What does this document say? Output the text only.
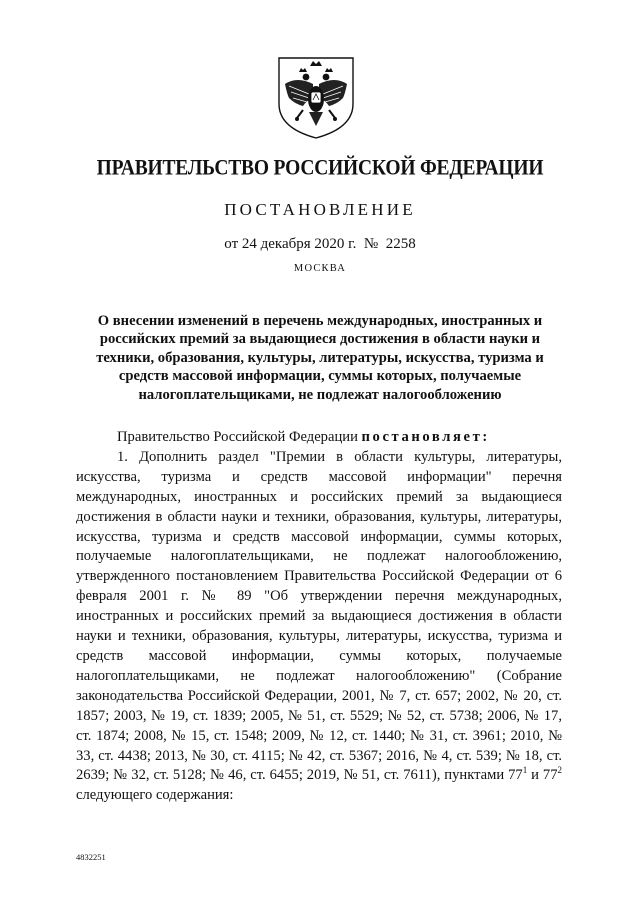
ПРАВИТЕЛЬСТВО РОССИЙСКОЙ ФЕДЕРАЦИИ
ПОСТАНОВЛЕНИЕ
от 24 декабря 2020 г. № 2258
МОСКВА
О внесении изменений в перечень международных, иностранных и российских премий за выдающиеся достижения в области науки и техники, образования, культуры, литературы, искусства, туризма и средств массовой информации, суммы которых, получаемые налогоплательщиками, не подлежат налогообложению

Правительство Российской Федерации постановляет:

1. Дополнить раздел "Премии в области культуры, литературы, искусства, туризма и средств массовой информации" перечня международных, иностранных и российских премий за выдающиеся достижения в области науки и техники, образования, культуры, литературы, искусства, туризма и средств массовой информации, суммы которых, получаемые налогоплательщиками, не подлежат налогообложению, утвержденного постановлением Правительства Российской Федерации от 6 февраля 2001 г. № 89 "Об утверждении перечня международных, иностранных и российских премий за выдающиеся достижения в области науки и техники, образования, культуры, литературы, искусства, туризма и средств массовой информации, суммы которых, получаемые налогоплательщиками, не подлежат налогообложению" (Собрание законодательства Российской Федерации, 2001, № 7, ст. 657; 2002, № 20, ст. 1857; 2003, № 19, ст. 1839; 2005, № 51, ст. 5529; № 52, ст. 5738; 2006, № 17, ст. 1874; 2008, № 15, ст. 1548; 2009, № 12, ст. 1440; № 31, ст. 3961; 2010, № 33, ст. 4438; 2013, № 30, ст. 4115; № 42, ст. 5367; 2016, № 4, ст. 539; № 18, ст. 2639; № 32, ст. 5128; № 46, ст. 6455; 2019, № 51, ст. 7611), пунктами $77^1$ и $77^2$ следующего содержания:

4832251
